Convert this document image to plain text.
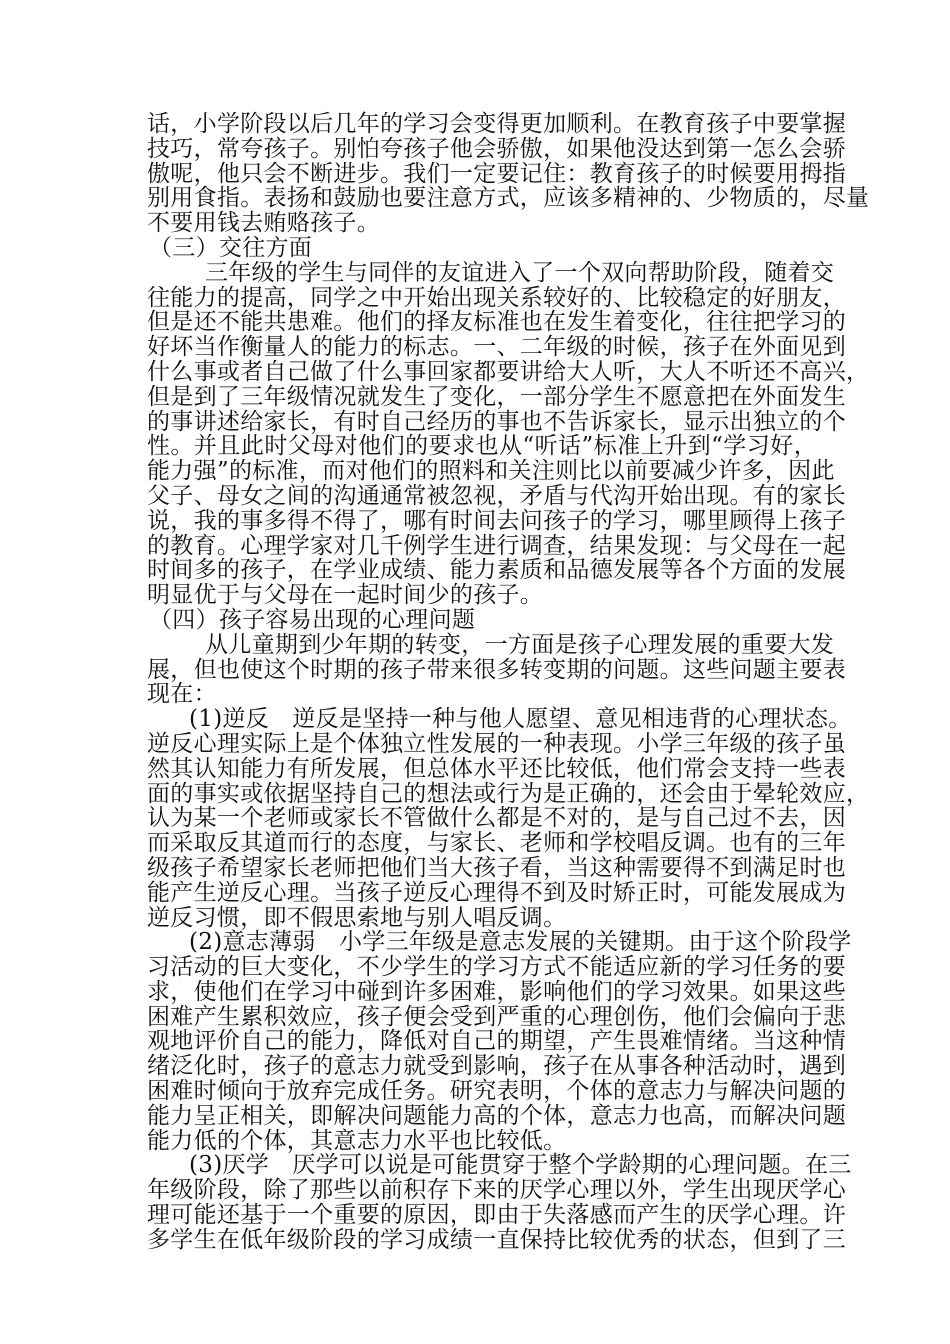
话，小学阶段以后几年的学习会变得更加顺利。在教育孩子中要掌握
技巧，常夸孩子。别怕夸孩子他会骄傲，如果他没达到第一怎么会骄
傲呢，他只会不断进步。我们一定要记住：教育孩子的时候要用拇指
别用食指。表扬和鼓励也要注意方式，应该多精神的、少物质的，尽量
不要用钱去贿赂孩子。
（三）交往方面
三年级的学生与同伴的友谊进入了一个双向帮助阶段，随着交
往能力的提高，同学之中开始出现关系较好的、比较稳定的好朋友，
但是还不能共患难。他们的择友标准也在发生着变化，往往把学习的
好坏当作衡量人的能力的标志。一、二年级的时候，孩子在外面见到
什么事或者自己做了什么事回家都要讲给大人听，大人不听还不高兴，
但是到了三年级情况就发生了变化，一部分学生不愿意把在外面发生
的事讲述给家长，有时自己经历的事也不告诉家长，显示出独立的个
性。并且此时父母对他们的要求也从“听话”标准上升到“学习好，
能力强”的标准，而对他们的照料和关注则比以前要减少许多，因此
父子、母女之间的沟通通常被忽视，矛盾与代沟开始出现。有的家长
说，我的事多得不得了，哪有时间去问孩子的学习，哪里顾得上孩子
的教育。心理学家对几千例学生进行调查，结果发现：与父母在一起
时间多的孩子，在学业成绩、能力素质和品德发展等各个方面的发展
明显优于与父母在一起时间少的孩子。
（四）孩子容易出现的心理问题
从儿童期到少年期的转变，一方面是孩子心理发展的重要大发
展，但也使这个时期的孩子带来很多转变期的问题。这些问题主要表
现在：
(1)逆反　逆反是坚持一种与他人愿望、意见相违背的心理状态。
逆反心理实际上是个体独立性发展的一种表现。小学三年级的孩子虽
然其认知能力有所发展，但总体水平还比较低，他们常会支持一些表
面的事实或依据坚持自己的想法或行为是正确的，还会由于晕轮效应，
认为某一个老师或家长不管做什么都是不对的，是与自己过不去，因
而采取反其道而行的态度，与家长、老师和学校唱反调。也有的三年
级孩子希望家长老师把他们当大孩子看，当这种需要得不到满足时也
能产生逆反心理。当孩子逆反心理得不到及时矫正时，可能发展成为
逆反习惯，即不假思索地与别人唱反调。
(2)意志薄弱　小学三年级是意志发展的关键期。由于这个阶段学
习活动的巨大变化，不少学生的学习方式不能适应新的学习任务的要
求，使他们在学习中碰到许多困难，影响他们的学习效果。如果这些
困难产生累积效应，孩子便会受到严重的心理创伤，他们会偏向于悲
观地评价自己的能力，降低对自己的期望，产生畏难情绪。当这种情
绪泛化时，孩子的意志力就受到影响，孩子在从事各种活动时，遇到
困难时倾向于放弃完成任务。研究表明，个体的意志力与解决问题的
能力呈正相关，即解决问题能力高的个体，意志力也高，而解决问题
能力低的个体，其意志力水平也比较低。
(3)厌学　厌学可以说是可能贯穿于整个学龄期的心理问题。在三
年级阶段，除了那些以前积存下来的厌学心理以外，学生出现厌学心
理可能还基于一个重要的原因，即由于失落感而产生的厌学心理。许
多学生在低年级阶段的学习成绩一直保持比较优秀的状态，但到了三
